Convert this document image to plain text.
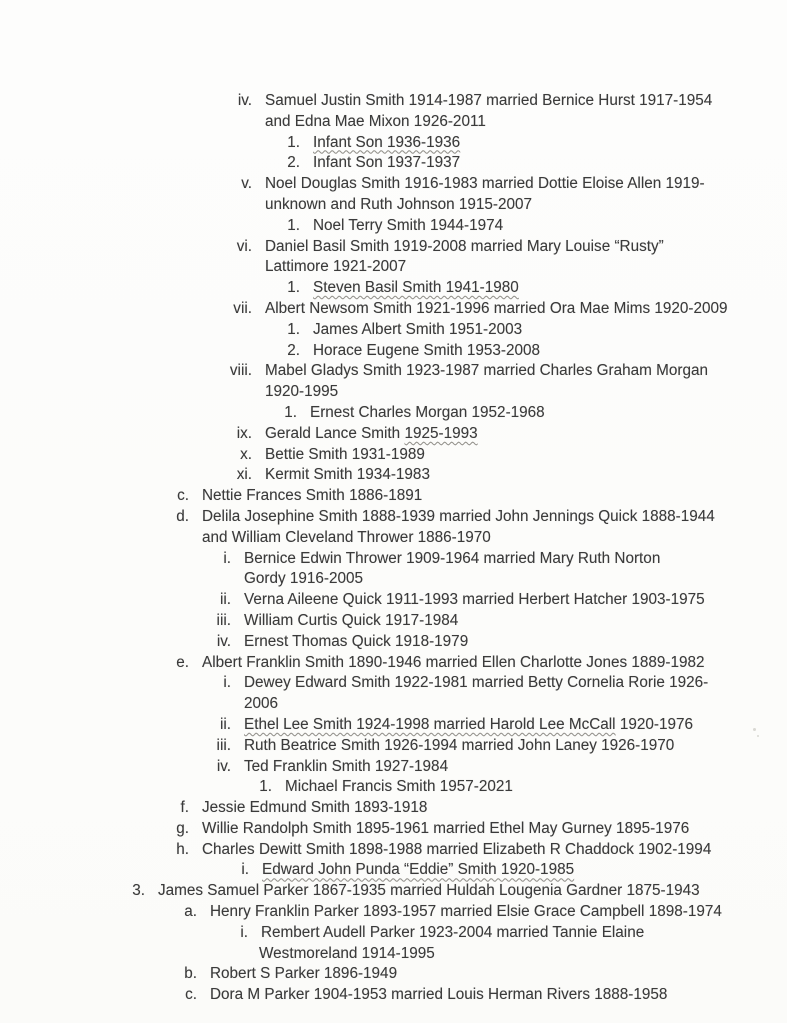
iv. Samuel Justin Smith 1914-1987 married Bernice Hurst 1917-1954
and Edna Mae Mixon 1926-2011
1. Infant Son 1936-1936
2. Infant Son 1937-1937
v. Noel Douglas Smith 1916-1983 married Dottie Eloise Allen 1919-
unknown and Ruth Johnson 1915-2007
1. Noel Terry Smith 1944-1974
vi. Daniel Basil Smith 1919-2008 married Mary Louise “Rusty”
Lattimore 1921-2007
1. Steven Basil Smith 1941-1980
vii. Albert Newsom Smith 1921-1996 married Ora Mae Mims 1920-2009
1. James Albert Smith 1951-2003
2. Horace Eugene Smith 1953-2008
viii. Mabel Gladys Smith 1923-1987 married Charles Graham Morgan
1920-1995
1. Ernest Charles Morgan 1952-1968
ix. Gerald Lance Smith 1925-1993
x. Bettie Smith 1931-1989
xi. Kermit Smith 1934-1983
c. Nettie Frances Smith 1886-1891
d. Delila Josephine Smith 1888-1939 married John Jennings Quick 1888-1944
and William Cleveland Thrower 1886-1970
i. Bernice Edwin Thrower 1909-1964 married Mary Ruth Norton
Gordy 1916-2005
ii. Verna Aileene Quick 1911-1993 married Herbert Hatcher 1903-1975
iii. William Curtis Quick 1917-1984
iv. Ernest Thomas Quick 1918-1979
e. Albert Franklin Smith 1890-1946 married Ellen Charlotte Jones 1889-1982
i. Dewey Edward Smith 1922-1981 married Betty Cornelia Rorie 1926-
2006
ii. Ethel Lee Smith 1924-1998 married Harold Lee McCall 1920-1976
iii. Ruth Beatrice Smith 1926-1994 married John Laney 1926-1970
iv. Ted Franklin Smith 1927-1984
1. Michael Francis Smith 1957-2021
f. Jessie Edmund Smith 1893-1918
g. Willie Randolph Smith 1895-1961 married Ethel May Gurney 1895-1976
h. Charles Dewitt Smith 1898-1988 married Elizabeth R Chaddock 1902-1994
i. Edward John Punda “Eddie” Smith 1920-1985
3. James Samuel Parker 1867-1935 married Huldah Lougenia Gardner 1875-1943
a. Henry Franklin Parker 1893-1957 married Elsie Grace Campbell 1898-1974
i. Rembert Audell Parker 1923-2004 married Tannie Elaine
Westmoreland 1914-1995
b. Robert S Parker 1896-1949
c. Dora M Parker 1904-1953 married Louis Herman Rivers 1888-1958
